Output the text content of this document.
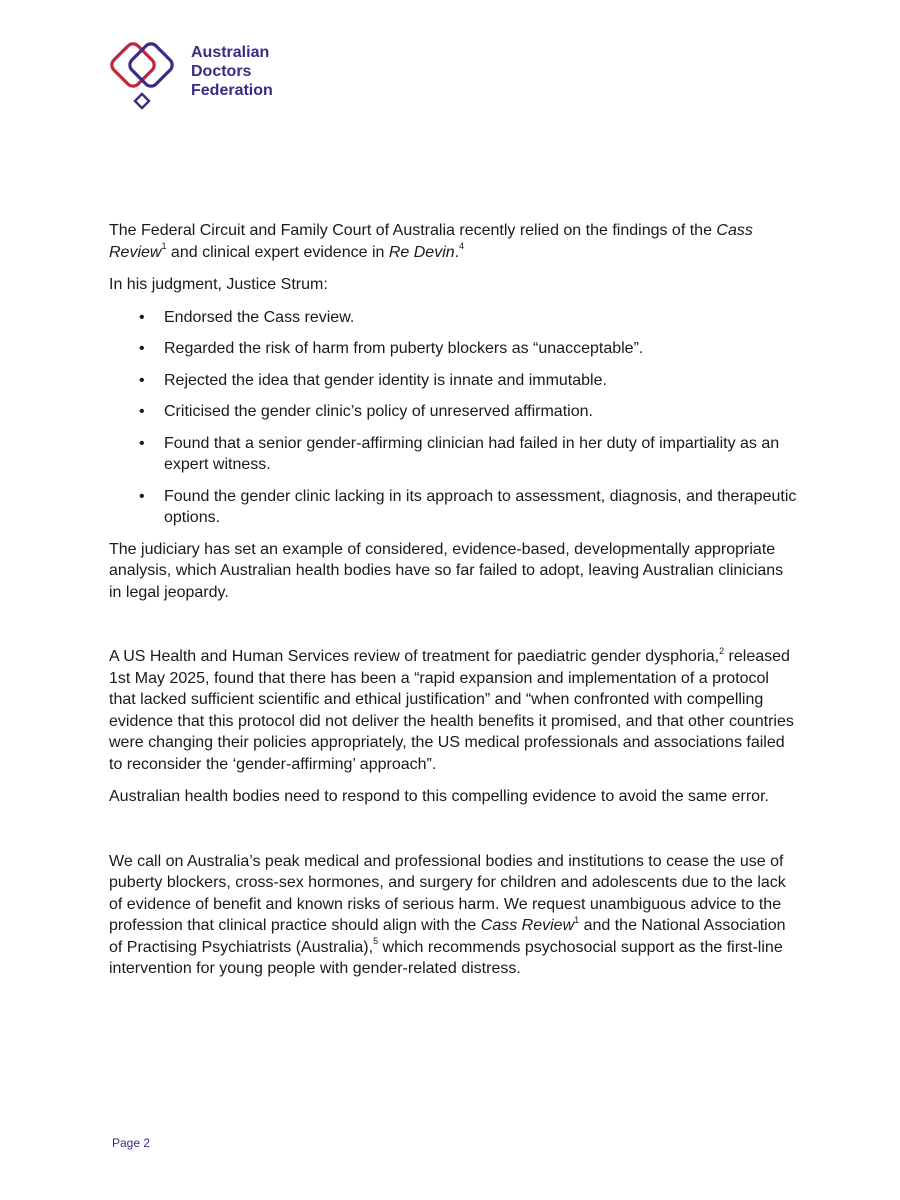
Australian
Doctors
Federation

The Federal Circuit and Family Court of Australia recently relied on the findings of the Cass Review$^1$ and clinical expert evidence in Re Devin.$^4$

In his judgment, Justice Strum:

• Endorsed the Cass review.
• Regarded the risk of harm from puberty blockers as “unacceptable”.
• Rejected the idea that gender identity is innate and immutable.
• Criticised the gender clinic’s policy of unreserved affirmation.
• Found that a senior gender-affirming clinician had failed in her duty of impartiality as an expert witness.
• Found the gender clinic lacking in its approach to assessment, diagnosis, and therapeutic options.

The judiciary has set an example of considered, evidence-based, developmentally appropriate analysis, which Australian health bodies have so far failed to adopt, leaving Australian clinicians in legal jeopardy.

A US Health and Human Services review of treatment for paediatric gender dysphoria,$^2$ released 1st May 2025, found that there has been a “rapid expansion and implementation of a protocol that lacked sufficient scientific and ethical justification” and “when confronted with compelling evidence that this protocol did not deliver the health benefits it promised, and that other countries were changing their policies appropriately, the US medical professionals and associations failed to reconsider the ‘gender-affirming’ approach”.

Australian health bodies need to respond to this compelling evidence to avoid the same error.

We call on Australia’s peak medical and professional bodies and institutions to cease the use of puberty blockers, cross-sex hormones, and surgery for children and adolescents due to the lack of evidence of benefit and known risks of serious harm. We request unambiguous advice to the profession that clinical practice should align with the Cass Review$^1$ and the National Association of Practising Psychiatrists (Australia),$^5$ which recommends psychosocial support as the first-line intervention for young people with gender-related distress.

Page 2
